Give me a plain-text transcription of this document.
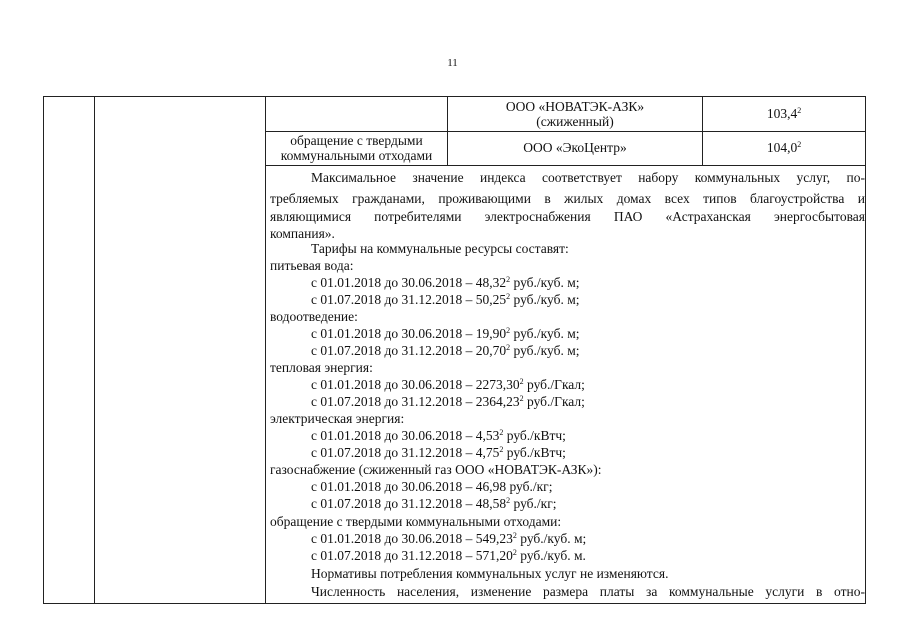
11
ООО «НОВАТЭК-АЗК»
(сжиженный)
103,4$^2$
обращение с твердыми
коммунальными отходами
ООО «ЭкоЦентр»	104,0$^2$
Максимальное значение индекса соответствует набору коммунальных услуг, по-
требляемых гражданами, проживающими в жилых домах всех типов благоустройства и
являющимися потребителями электроснабжения ПАО «Астраханская энергосбытовая
компания».
Тарифы на коммунальные ресурсы составят:
питьевая вода:
с 01.01.2018 до 30.06.2018 – 48,32$^2$ руб./куб. м;
с 01.07.2018 до 31.12.2018 – 50,25$^2$ руб./куб. м;
водоотведение:
с 01.01.2018 до 30.06.2018 – 19,90$^2$ руб./куб. м;
с 01.07.2018 до 31.12.2018 – 20,70$^2$ руб./куб. м;
тепловая энергия:
с 01.01.2018 до 30.06.2018 – 2273,30$^2$ руб./Гкал;
с 01.07.2018 до 31.12.2018 – 2364,23$^2$ руб./Гкал;
электрическая энергия:
с 01.01.2018 до 30.06.2018 – 4,53$^2$ руб./кВтч;
с 01.07.2018 до 31.12.2018 – 4,75$^2$ руб./кВтч;
газоснабжение (сжиженный газ ООО «НОВАТЭК-АЗК»):
с 01.01.2018 до 30.06.2018 – 46,98 руб./кг;
с 01.07.2018 до 31.12.2018 – 48,58$^2$ руб./кг;
обращение с твердыми коммунальными отходами:
с 01.01.2018 до 30.06.2018 – 549,23$^2$ руб./куб. м;
с 01.07.2018 до 31.12.2018 – 571,20$^2$ руб./куб. м.
Нормативы потребления коммунальных услуг не изменяются.
Численность населения, изменение размера платы за коммунальные услуги в отно-
